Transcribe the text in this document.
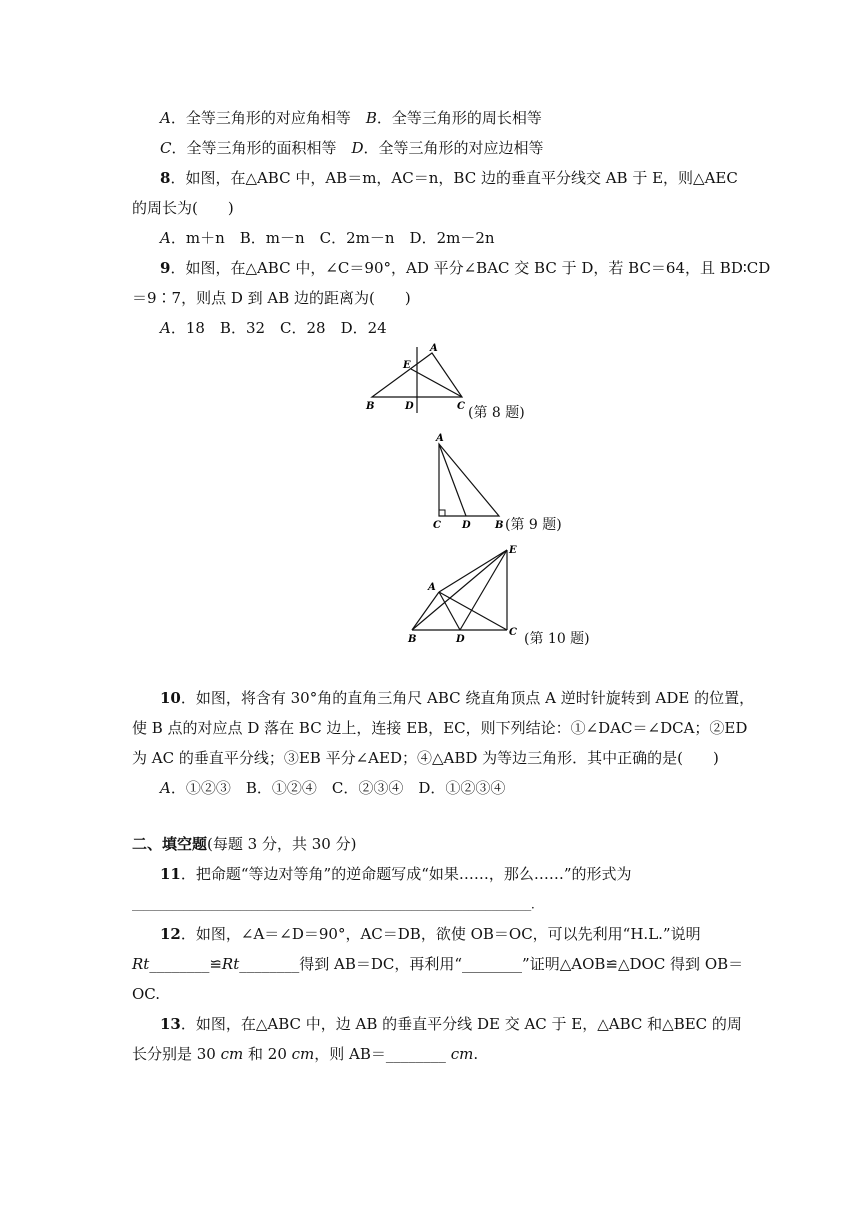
A．全等三角形的对应角相等　B．全等三角形的周长相等
C．全等三角形的面积相等　D．全等三角形的对应边相等
8．如图，在△ABC 中，AB＝m，AC＝n，BC 边的垂直平分线交 AB 于 E，则△AEC
的周长为(　　)
A．m＋n　B．m－n　C．2m－n　D．2m－2n
9．如图，在△ABC 中，∠C＝90°，AD 平分∠BAC 交 BC 于 D，若 BC＝64，且 BD∶CD
＝9∶7，则点 D 到 AB 边的距离为(　　)
A．18　B．32　C．28　D．24
A
E
B	D	C (第 8 题)
A
C D B (第 9 题)
E
A
B	D
C (第 10 题)
10．如图，将含有 30°角的直角三角尺 ABC 绕直角顶点 A 逆时针旋转到 ADE 的位置，
使 B 点的对应点 D 落在 BC 边上，连接 EB，EC，则下列结论：①∠DAC＝∠DCA；②ED
为 AC 的垂直平分线；③EB 平分∠AED；④△ABD 为等边三角形．其中正确的是(　　)
A．①②③　B．①②④　C．②③④　D．①②③④
二、填空题(每题 3 分，共 30 分)
11．把命题“等边对等角”的逆命题写成“如果……，那么……”的形式为
______________________________________________________________________．
12．如图，∠A＝∠D＝90°，AC＝DB，欲使 OB＝OC，可以先利用“H.L.”说明
Rt________≌Rt________得到 AB＝DC，再利用“________”证明△AOB≌△DOC 得到 OB＝
OC.
13．如图，在△ABC 中，边 AB 的垂直平分线 DE 交 AC 于 E，△ABC 和△BEC 的周
长分别是 30 cm 和 20 cm，则 AB＝________ cm.
